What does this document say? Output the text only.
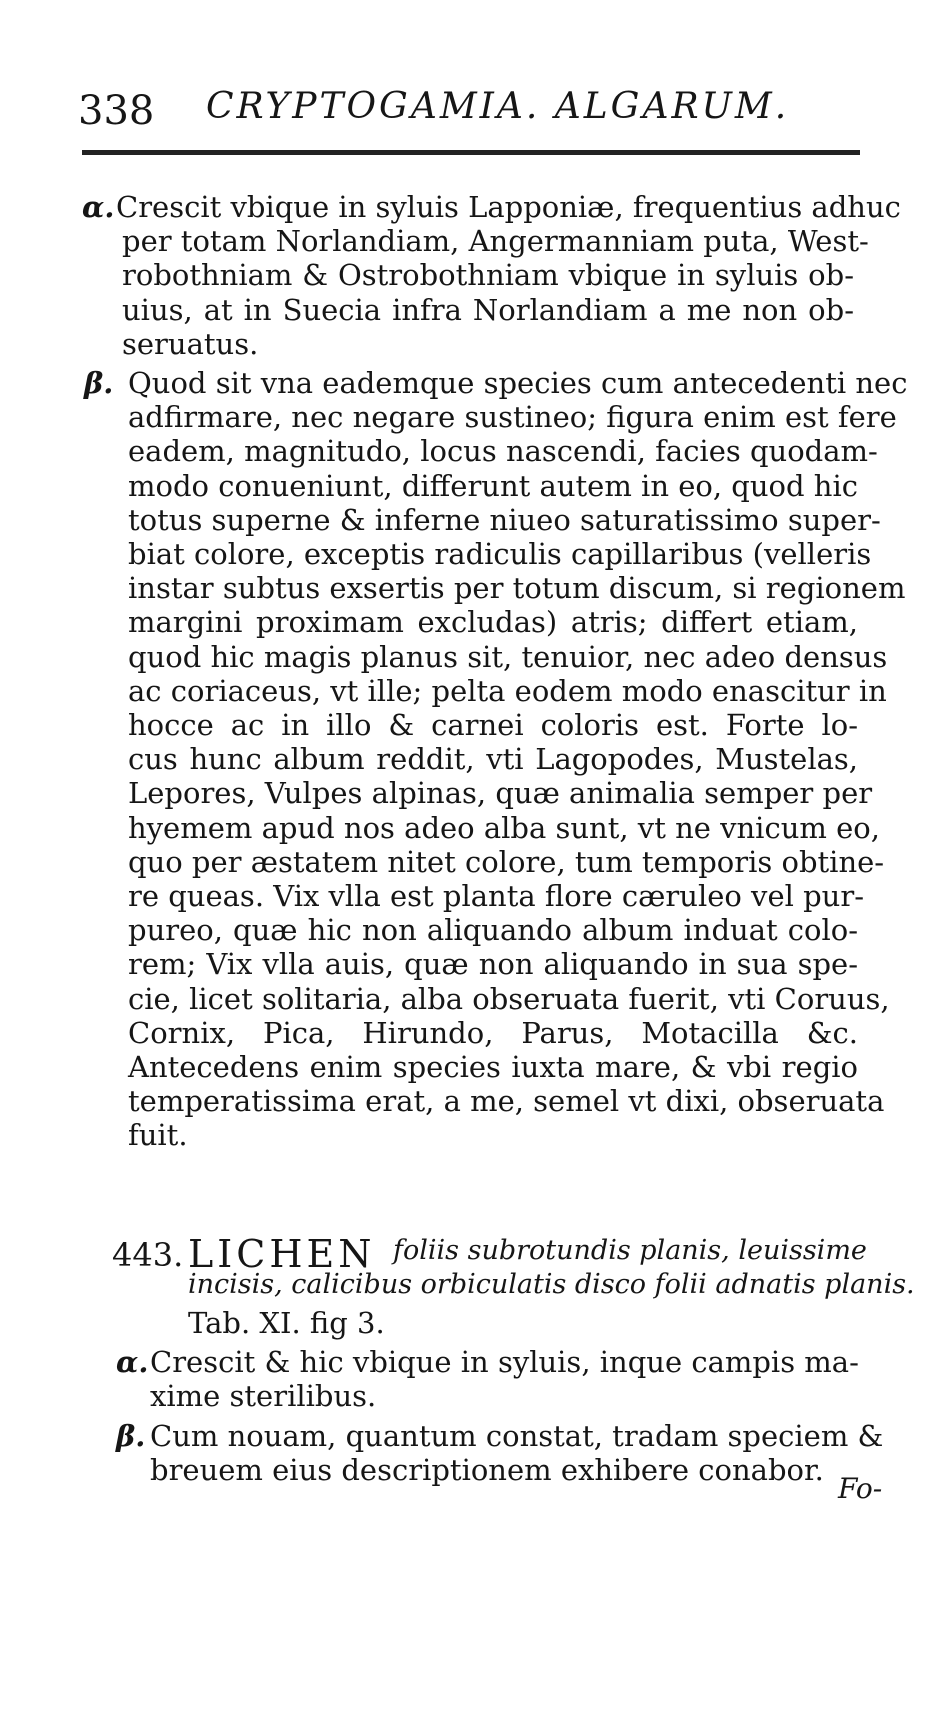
338 CRYPTOGAMIA. ALGARUM.
α. Crescit vbique in syluis Lapponiæ, frequentius adhuc
per totam Norlandiam, Angermanniam puta, West-
robothniam & Ostrobothniam vbique in syluis ob-
uius, at in Suecia infra Norlandiam a me non ob-
seruatus.
β. Quod sit vna eademque species cum antecedenti nec
adfirmare, nec negare sustineo; figura enim est fere
eadem, magnitudo, locus nascendi, facies quodam-
modo conueniunt, differunt autem in eo, quod hic
totus superne & inferne niueo saturatissimo super-
biat colore, exceptis radiculis capillaribus (velleris
instar subtus exsertis per totum discum, si regionem
margini proximam excludas) atris; differt etiam,
quod hic magis planus sit, tenuior, nec adeo densus
ac coriaceus, vt ille; pelta eodem modo enascitur in
hocce ac in illo & carnei coloris est. Forte lo-
cus hunc album reddit, vti Lagopodes, Mustelas,
Lepores, Vulpes alpinas, quæ animalia semper per
hyemem apud nos adeo alba sunt, vt ne vnicum eo,
quo per æstatem nitet colore, tum temporis obtine-
re queas. Vix vlla est planta flore cæruleo vel pur-
pureo, quæ hic non aliquando album induat colo-
rem; Vix vlla auis, quæ non aliquando in sua spe-
cie, licet solitaria, alba obseruata fuerit, vti Coruus,
Cornix, Pica, Hirundo, Parus, Motacilla &c.
Antecedens enim species iuxta mare, & vbi regio
temperatissima erat, a me, semel vt dixi, obseruata
fuit.
443. LICHEN foliis subrotundis planis, leuissime
incisis, calicibus orbiculatis disco folii adnatis planis.
Tab. XI. fig 3.
α. Crescit & hic vbique in syluis, inque campis ma-
xime sterilibus.
β. Cum nouam, quantum constat, tradam speciem &
breuem eius descriptionem exhibere conabor.
Fo-
